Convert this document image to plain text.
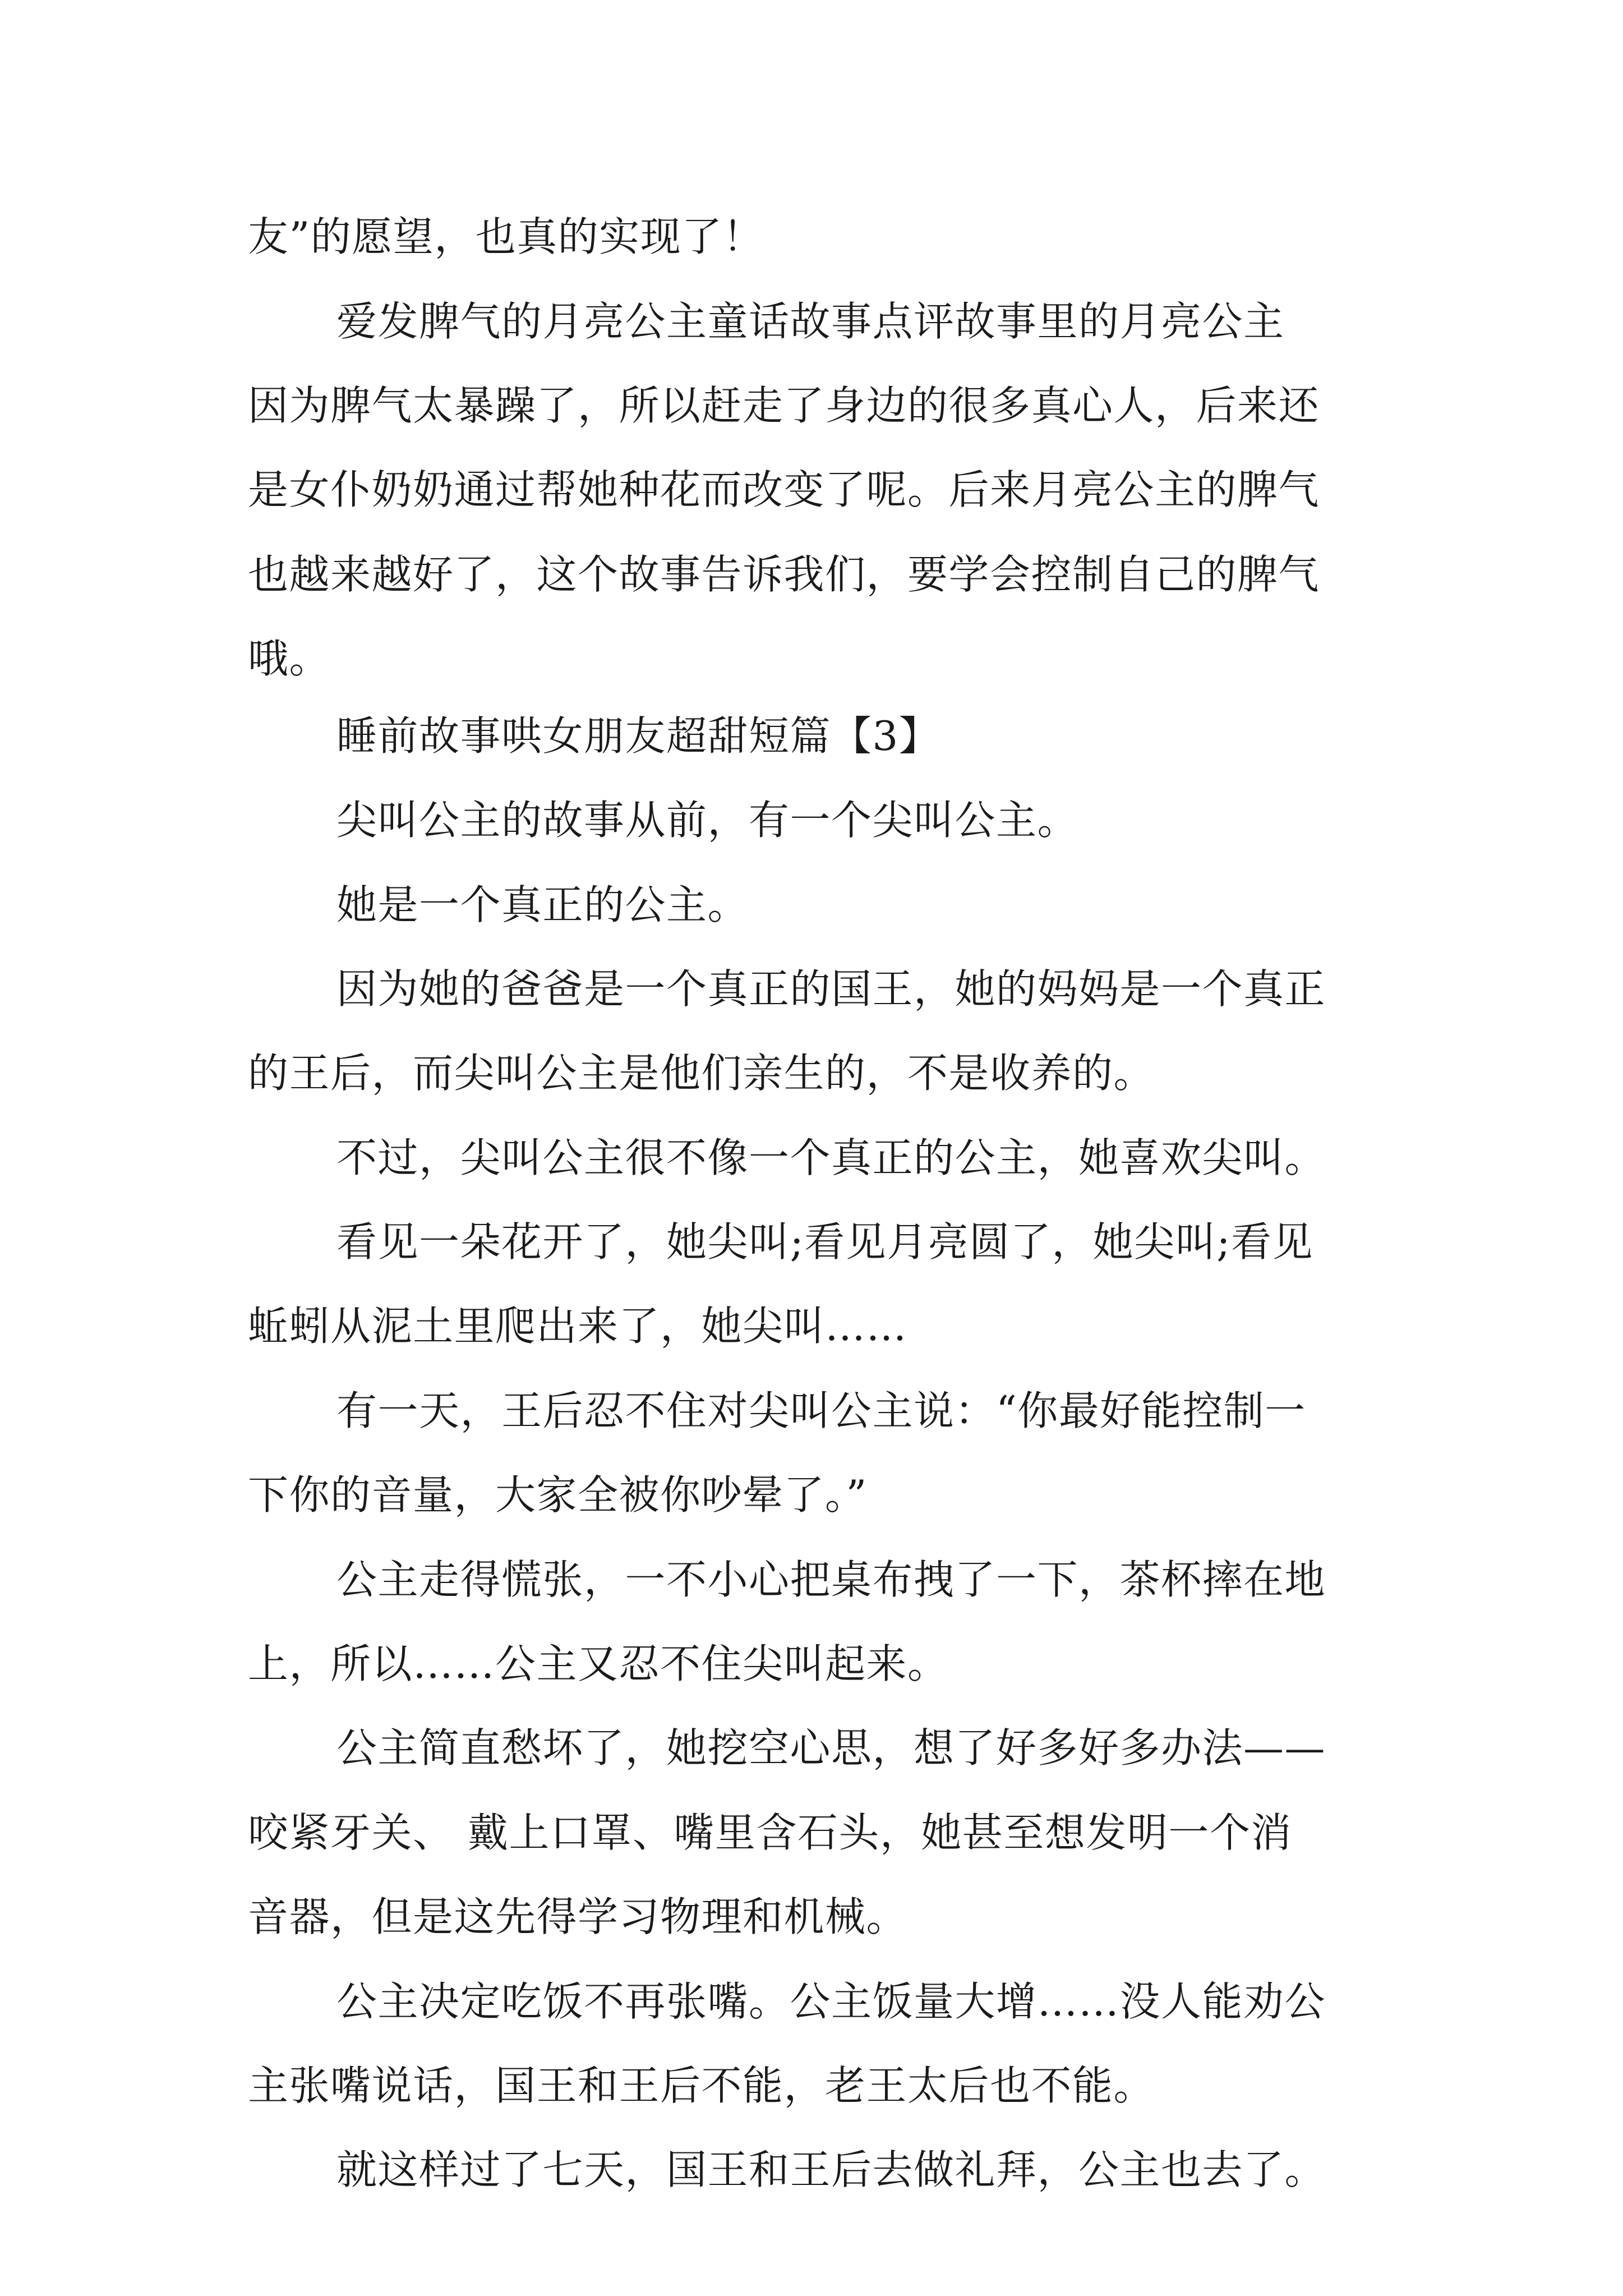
友”的愿望，也真的实现了！

爱发脾气的月亮公主童话故事点评故事里的月亮公主

因为脾气太暴躁了，所以赶走了身边的很多真心人，后来还

是女仆奶奶通过帮她种花而改变了呢。后来月亮公主的脾气

也越来越好了，这个故事告诉我们，要学会控制自己的脾气

哦。

睡前故事哄女朋友超甜短篇【3】

尖叫公主的故事从前，有一个尖叫公主。

她是一个真正的公主。

因为她的爸爸是一个真正的国王，她的妈妈是一个真正

的王后，而尖叫公主是他们亲生的，不是收养的。

不过，尖叫公主很不像一个真正的公主，她喜欢尖叫。

看见一朵花开了，她尖叫;看见月亮圆了，她尖叫;看见

蚯蚓从泥土里爬出来了，她尖叫……

有一天，王后忍不住对尖叫公主说：“你最好能控制一

下你的音量，大家全被你吵晕了。”

公主走得慌张，一不小心把桌布拽了一下，茶杯摔在地

上，所以……公主又忍不住尖叫起来。

公主简直愁坏了，她挖空心思，想了好多好多办法——

咬紧牙关、 戴上口罩、嘴里含石头，她甚至想发明一个消

音器，但是这先得学习物理和机械。

公主决定吃饭不再张嘴。公主饭量大增……没人能劝公

主张嘴说话，国王和王后不能，老王太后也不能。

就这样过了七天，国王和王后去做礼拜，公主也去了。
